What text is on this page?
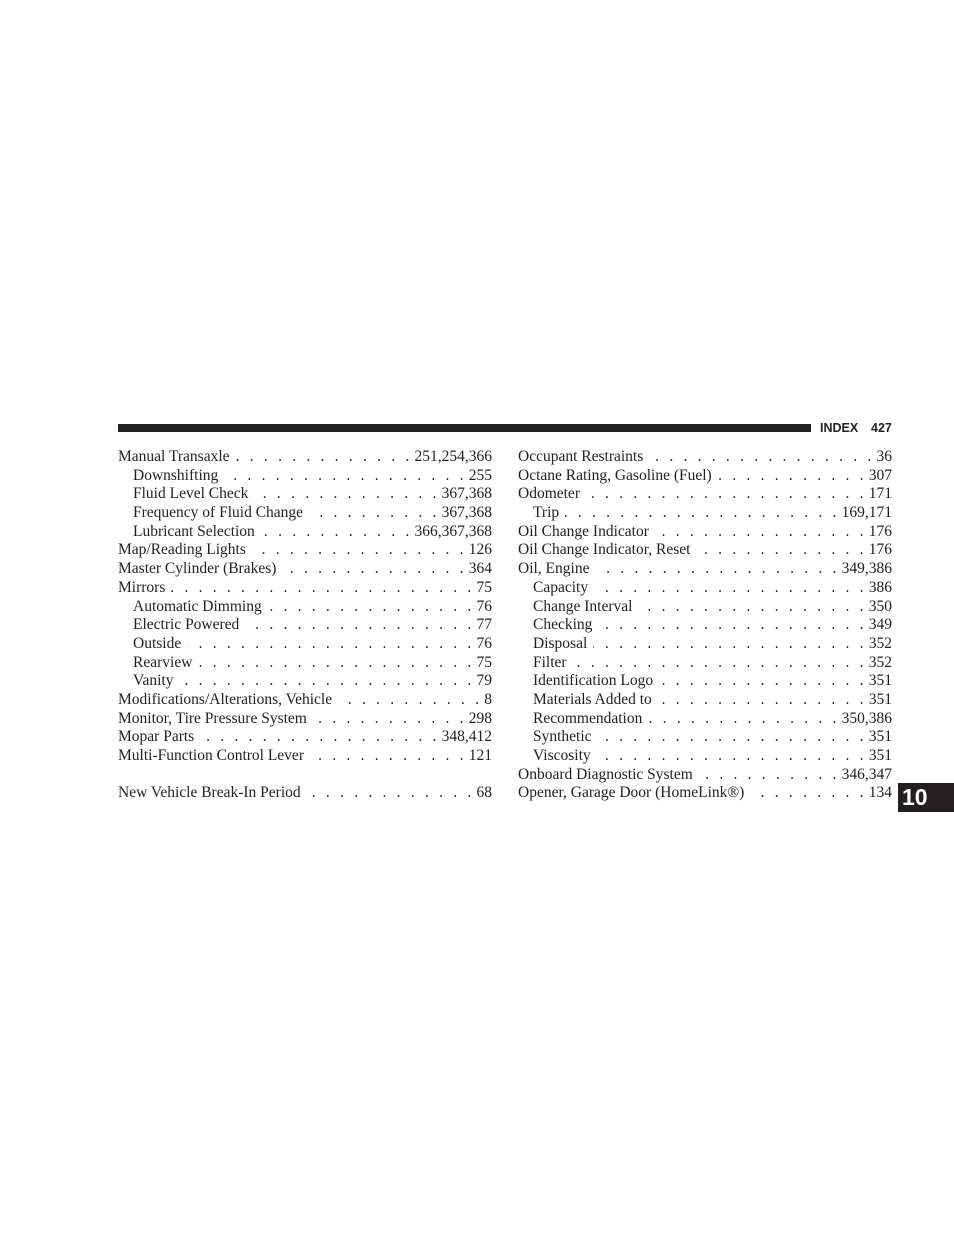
INDEX 427
Manual Transaxle . . .	251,254,366
Downshifting . . .	255
Fluid Level Check . . .	367,368
Frequency of Fluid Change . . .	367,368
Lubricant Selection . . .	366,367,368
Map/Reading Lights . . .	126
Master Cylinder (Brakes) . . .	364
Mirrors . . .	75
Automatic Dimming . . .	76
Electric Powered . . .	77
Outside . . .	76
Rearview . . .	75
Vanity . . .	79
Modifications/Alterations, Vehicle . . .	8
Monitor, Tire Pressure System . . .	298
Mopar Parts . . .	348,412
Multi-Function Control Lever . . .	121
New Vehicle Break-In Period . . .	68
Occupant Restraints . . .	36
Octane Rating, Gasoline (Fuel) . . .	307
Odometer . . .	171
Trip . . .	169,171
Oil Change Indicator . . .	176
Oil Change Indicator, Reset . . .	176
Oil, Engine . . .	349,386
Capacity . . .	386
Change Interval . . .	350
Checking . . .	349
Disposal . . .	352
Filter . . .	352
Identification Logo . . .	351
Materials Added to . . .	351
Recommendation . . .	350,386
Synthetic . . .	351
Viscosity . . .	351
Onboard Diagnostic System . . .	346,347
Opener, Garage Door (HomeLink®) . . .	134 10
